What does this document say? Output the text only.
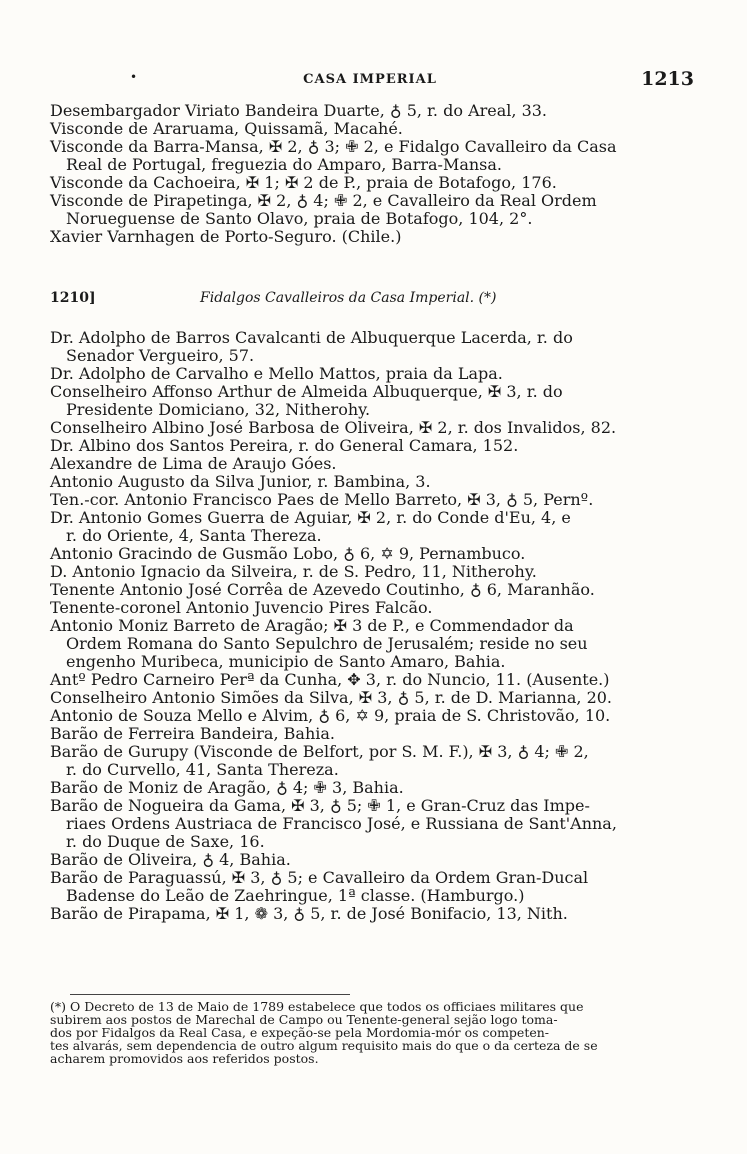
•	CASA IMPERIAL	1213

Desembargador Viriato Bandeira Duarte, ♁ 5, r. do Areal, 33.

Visconde de Araruama, Quissamã, Macahé.

Visconde da Barra-Mansa, ✠ 2, ♁ 3; ✙ 2, e Fidalgo Cavalleiro da Casa
Real de Portugal, freguezia do Amparo, Barra-Mansa.

Visconde da Cachoeira, ✠ 1; ✠ 2 de P., praia de Botafogo, 176.

Visconde de Pirapetinga, ✠ 2, ♁ 4; ✙ 2, e Cavalleiro da Real Ordem
Norueguense de Santo Olavo, praia de Botafogo, 104, 2°.

Xavier Varnhagen de Porto-Seguro. (Chile.)

1210]	Fidalgos Cavalleiros da Casa Imperial. (*)

Dr. Adolpho de Barros Cavalcanti de Albuquerque Lacerda, r. do
Senador Vergueiro, 57.

Dr. Adolpho de Carvalho e Mello Mattos, praia da Lapa.

Conselheiro Affonso Arthur de Almeida Albuquerque, ✠ 3, r. do
Presidente Domiciano, 32, Nitherohy.

Conselheiro Albino José Barbosa de Oliveira, ✠ 2, r. dos Invalidos, 82.

Dr. Albino dos Santos Pereira, r. do General Camara, 152.

Alexandre de Lima de Araujo Góes.

Antonio Augusto da Silva Junior, r. Bambina, 3.

Ten.-cor. Antonio Francisco Paes de Mello Barreto, ✠ 3, ♁ 5, Pernº.

Dr. Antonio Gomes Guerra de Aguiar, ✠ 2, r. do Conde d'Eu, 4, e
r. do Oriente, 4, Santa Thereza.

Antonio Gracindo de Gusmão Lobo, ♁ 6, ✡ 9, Pernambuco.

D. Antonio Ignacio da Silveira, r. de S. Pedro, 11, Nitherohy.

Tenente Antonio José Corrêa de Azevedo Coutinho, ♁ 6, Maranhão.

Tenente-coronel Antonio Juvencio Pires Falcão.

Antonio Moniz Barreto de Aragão; ✠ 3 de P., e Commendador da
Ordem Romana do Santo Sepulchro de Jerusalém; reside no seu
engenho Muribeca, municipio de Santo Amaro, Bahia.

Antº Pedro Carneiro Perª da Cunha, ✥ 3, r. do Nuncio, 11. (Ausente.)

Conselheiro Antonio Simões da Silva, ✠ 3, ♁ 5, r. de D. Marianna, 20.

Antonio de Souza Mello e Alvim, ♁ 6, ✡ 9, praia de S. Christovão, 10.

Barão de Ferreira Bandeira, Bahia.

Barão de Gurupy (Visconde de Belfort, por S. M. F.), ✠ 3, ♁ 4; ✙ 2,
r. do Curvello, 41, Santa Thereza.

Barão de Moniz de Aragão, ♁ 4; ✙ 3, Bahia.

Barão de Nogueira da Gama, ✠ 3, ♁ 5; ✙ 1, e Gran-Cruz das Impe-
riaes Ordens Austriaca de Francisco José, e Russiana de Sant'Anna,
r. do Duque de Saxe, 16.

Barão de Oliveira, ♁ 4, Bahia.

Barão de Paraguassú, ✠ 3, ♁ 5; e Cavalleiro da Ordem Gran-Ducal
Badense do Leão de Zaehringue, 1ª classe. (Hamburgo.)

Barão de Pirapama, ✠ 1, ❁ 3, ♁ 5, r. de José Bonifacio, 13, Nith.

(*) O Decreto de 13 de Maio de 1789 estabelece que todos os officiaes militares que

subirem aos postos de Marechal de Campo ou Tenente-general sejão logo toma-

dos por Fidalgos da Real Casa, e expeção-se pela Mordomia-mór os competen-

tes alvarás, sem dependencia de outro algum requisito mais do que o da certeza de se

acharem promovidos aos referidos postos.
